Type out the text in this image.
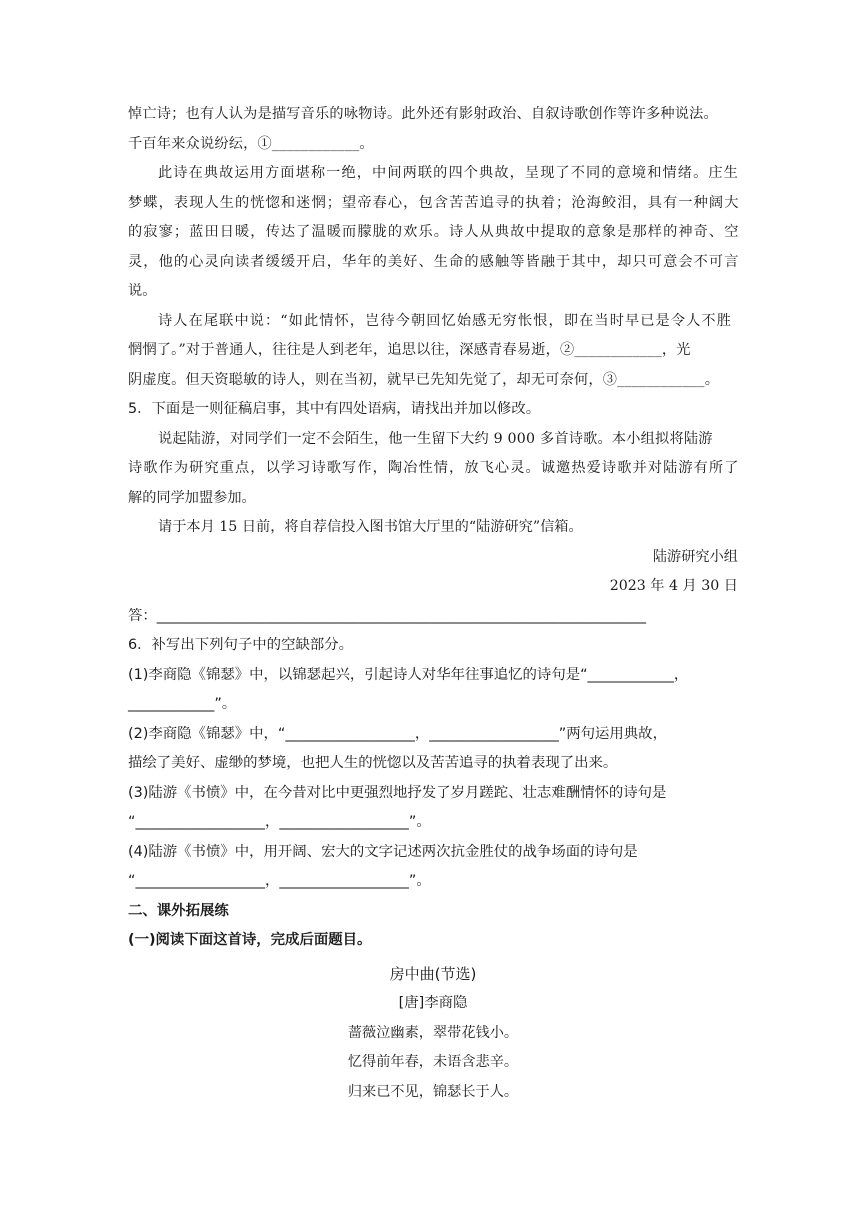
悼亡诗；也有人认为是描写音乐的咏物诗。此外还有影射政治、自叙诗歌创作等许多种说法。
千百年来众说纷纭，①____________。
此诗在典故运用方面堪称一绝，中间两联的四个典故，呈现了不同的意境和情绪。庄生
梦蝶，表现人生的恍惚和迷惘；望帝春心，包含苦苦追寻的执着；沧海鲛泪，具有一种阔大
的寂寥；蓝田日暖，传达了温暖而朦胧的欢乐。诗人从典故中提取的意象是那样的神奇、空
灵，他的心灵向读者缓缓开启，华年的美好、生命的感触等皆融于其中，却只可意会不可言
说。
诗人在尾联中说：“如此情怀，岂待今朝回忆始感无穷怅恨，即在当时早已是令人不胜
惘惘了。”对于普通人，往往是人到老年，追思以往，深感青春易逝，②____________，光
阴虚度。但天资聪敏的诗人，则在当初，就早已先知先觉了，却无可奈何，③____________。
5．下面是一则征稿启事，其中有四处语病，请找出并加以修改。
说起陆游，对同学们一定不会陌生，他一生留下大约 9 000 多首诗歌。本小组拟将陆游
诗歌作为研究重点，以学习诗歌写作，陶冶性情，放飞心灵。诚邀热爱诗歌并对陆游有所了
解的同学加盟参加。
请于本月 15 日前，将自荐信投入图书馆大厅里的“陆游研究”信箱。
陆游研究小组
2023 年 4 月 30 日
答：____________________________________________________________________
6．补写出下列句子中的空缺部分。
(1)李商隐《锦瑟》中，以锦瑟起兴，引起诗人对华年往事追忆的诗句是“____________，
____________”。
(2)李商隐《锦瑟》中，“__________________，__________________”两句运用典故，
描绘了美好、虚缈的梦境，也把人生的恍惚以及苦苦追寻的执着表现了出来。
(3)陆游《书愤》中，在今昔对比中更强烈地抒发了岁月蹉跎、壮志难酬情怀的诗句是
“__________________，__________________”。
(4)陆游《书愤》中，用开阔、宏大的文字记述两次抗金胜仗的战争场面的诗句是
“__________________，__________________”。
二、课外拓展练
(一)阅读下面这首诗，完成后面题目。
房中曲(节选)
[唐]李商隐
蔷薇泣幽素，翠带花钱小。
忆得前年春，未语含悲辛。
归来已不见，锦瑟长于人。
